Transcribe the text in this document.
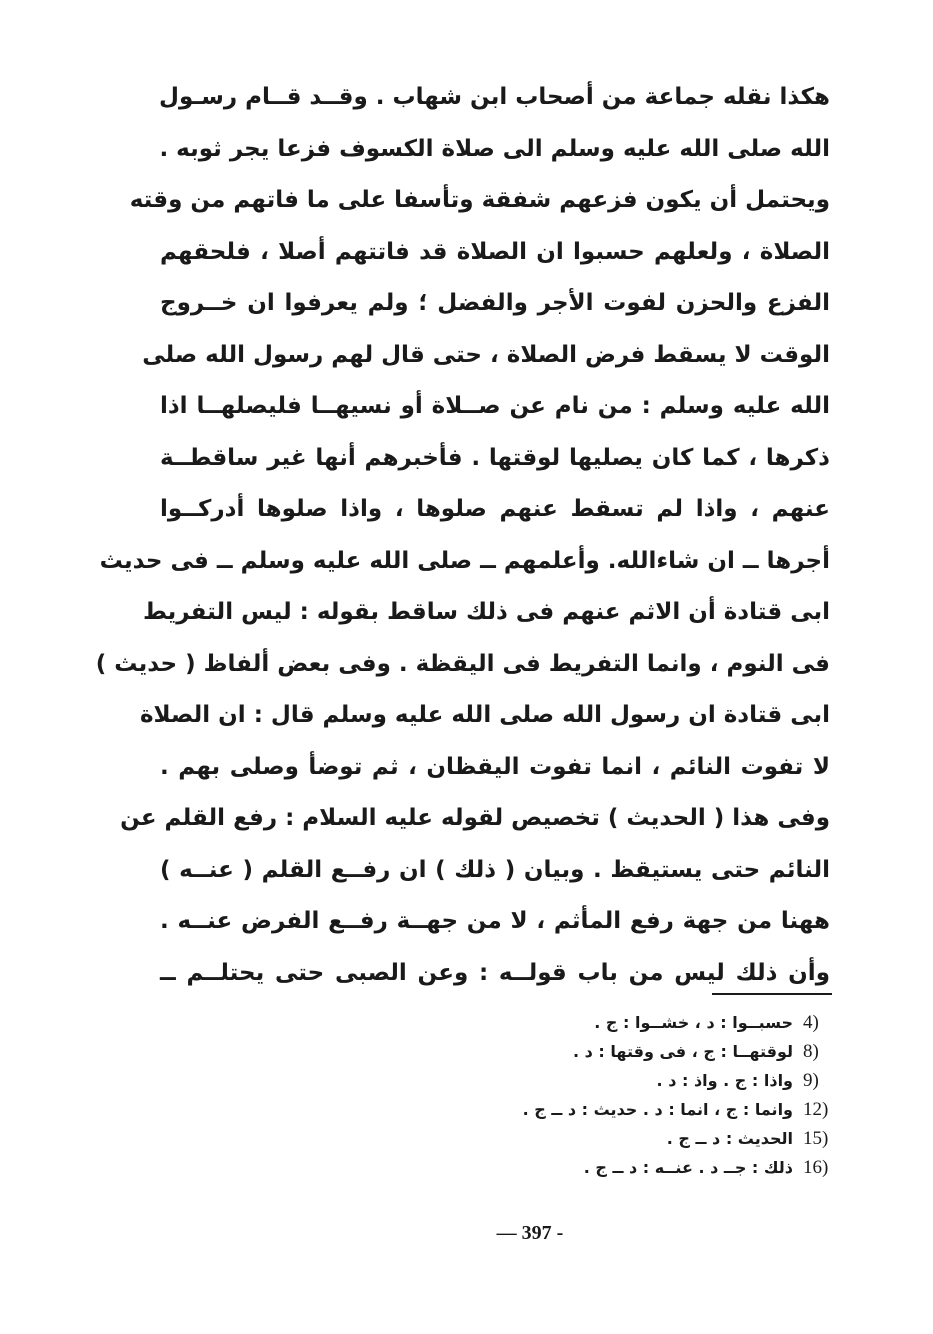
هكذا نقله جماعة من أصحاب ابن شهاب . وقــد قــام رسـول
الله صلى الله عليه وسلم الى صلاة الكسوف فزعا يجر ثوبه .
ويحتمل أن يكون فزعهم شفقة وتأسفا على ما فاتهم من وقته
الصلاة ، ولعلهم حسبوا ان الصلاة قد فاتتهم أصلا ، فلحقهم
الفزع والحزن لفوت الأجر والفضل ؛ ولم يعرفوا ان خــروج
الوقت لا يسقط فرض الصلاة ، حتى قال لهم رسول الله صلى
الله عليه وسلم : من نام عن صــلاة أو نسيهــا فليصلهــا اذا
ذكرها ، كما كان يصليها لوقتها . فأخبرهم أنها غير ساقطــة
عنهم ، واذا لم تسقط عنهم صلوها ، واذا صلوها أدركــوا
أجرها ــ ان شاءالله. وأعلمهم ــ صلى الله عليه وسلم ــ فى حديث
ابى قتادة أن الاثم عنهم فى ذلك ساقط بقوله : ليس التفريط
فى النوم ، وانما التفريط فى اليقظة . وفى بعض ألفاظ ( حديث )
ابى قتادة ان رسول الله صلى الله عليه وسلم قال : ان الصلاة
لا تفوت النائم ، انما تفوت اليقظان ، ثم توضأ وصلى بهم .
وفى هذا ( الحديث ) تخصيص لقوله عليه السلام : رفع القلم عن
النائم حتى يستيقظ . وبيان ( ذلك ) ان رفــع القلم ( عنــه )
ههنا من جهة رفع المأثم ، لا من جهــة رفــع الفرض عنــه .
وأن ذلك ليس من باب قولــه : وعن الصبى حتى يحتلــم ــ
4)
حسبــوا : د ، خشــوا : ج .
8)
لوقتهــا : ج ، فى وقتها : د .
9)
واذا : ج . واذ : د .
12)
وانما : ج ، انما : د . حديث : د ــ ج .
15)
الحديث : د ــ ج .
16)
ذلك : جــ د . عنــه : د ــ ج .
— 397 -
